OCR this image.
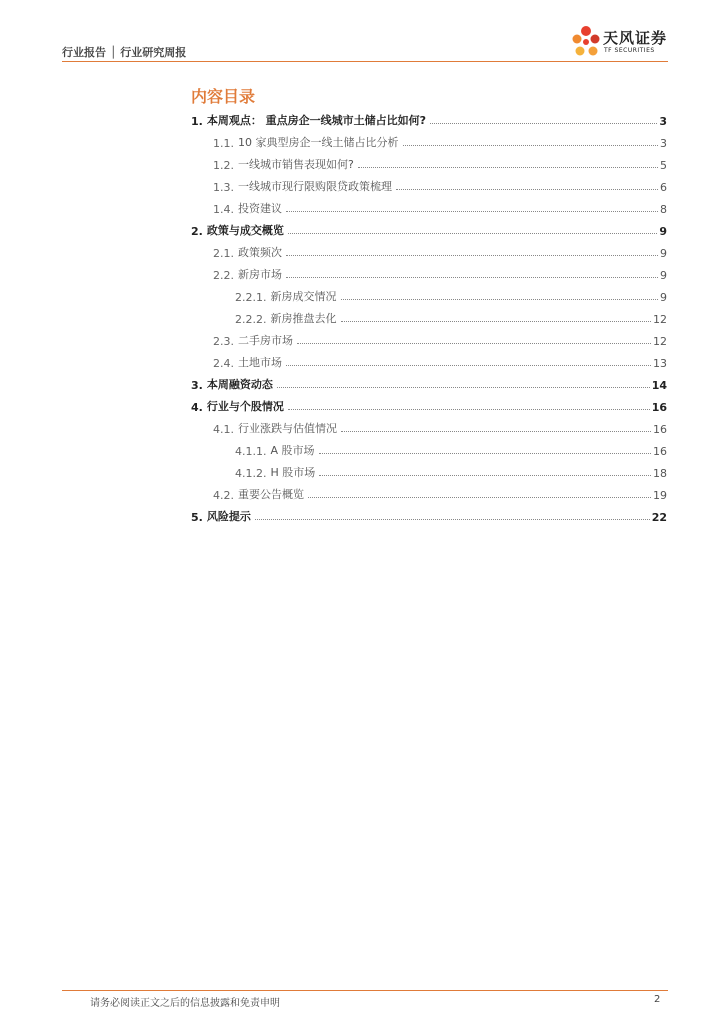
行业报告 │ 行业研究周报
天风证券
TF SECURITIES
内容目录
1. 本周观点： 重点房企一线城市土储占比如何?	3
1.1. 10 家典型房企一线土储占比分析	3
1.2. 一线城市销售表现如何?	5
1.3. 一线城市现行限购限贷政策梳理	6
1.4. 投资建议	8
2. 政策与成交概览	9
2.1. 政策频次	9
2.2. 新房市场	9
2.2.1. 新房成交情况	9
2.2.2. 新房推盘去化	12
2.3. 二手房市场	12
2.4. 土地市场	13
3. 本周融资动态	14
4. 行业与个股情况	16
4.1. 行业涨跌与估值情况	16
4.1.1. A 股市场	16
4.1.2. H 股市场	18
4.2. 重要公告概览	19
5. 风险提示	22
请务必阅读正文之后的信息披露和免责申明	2
